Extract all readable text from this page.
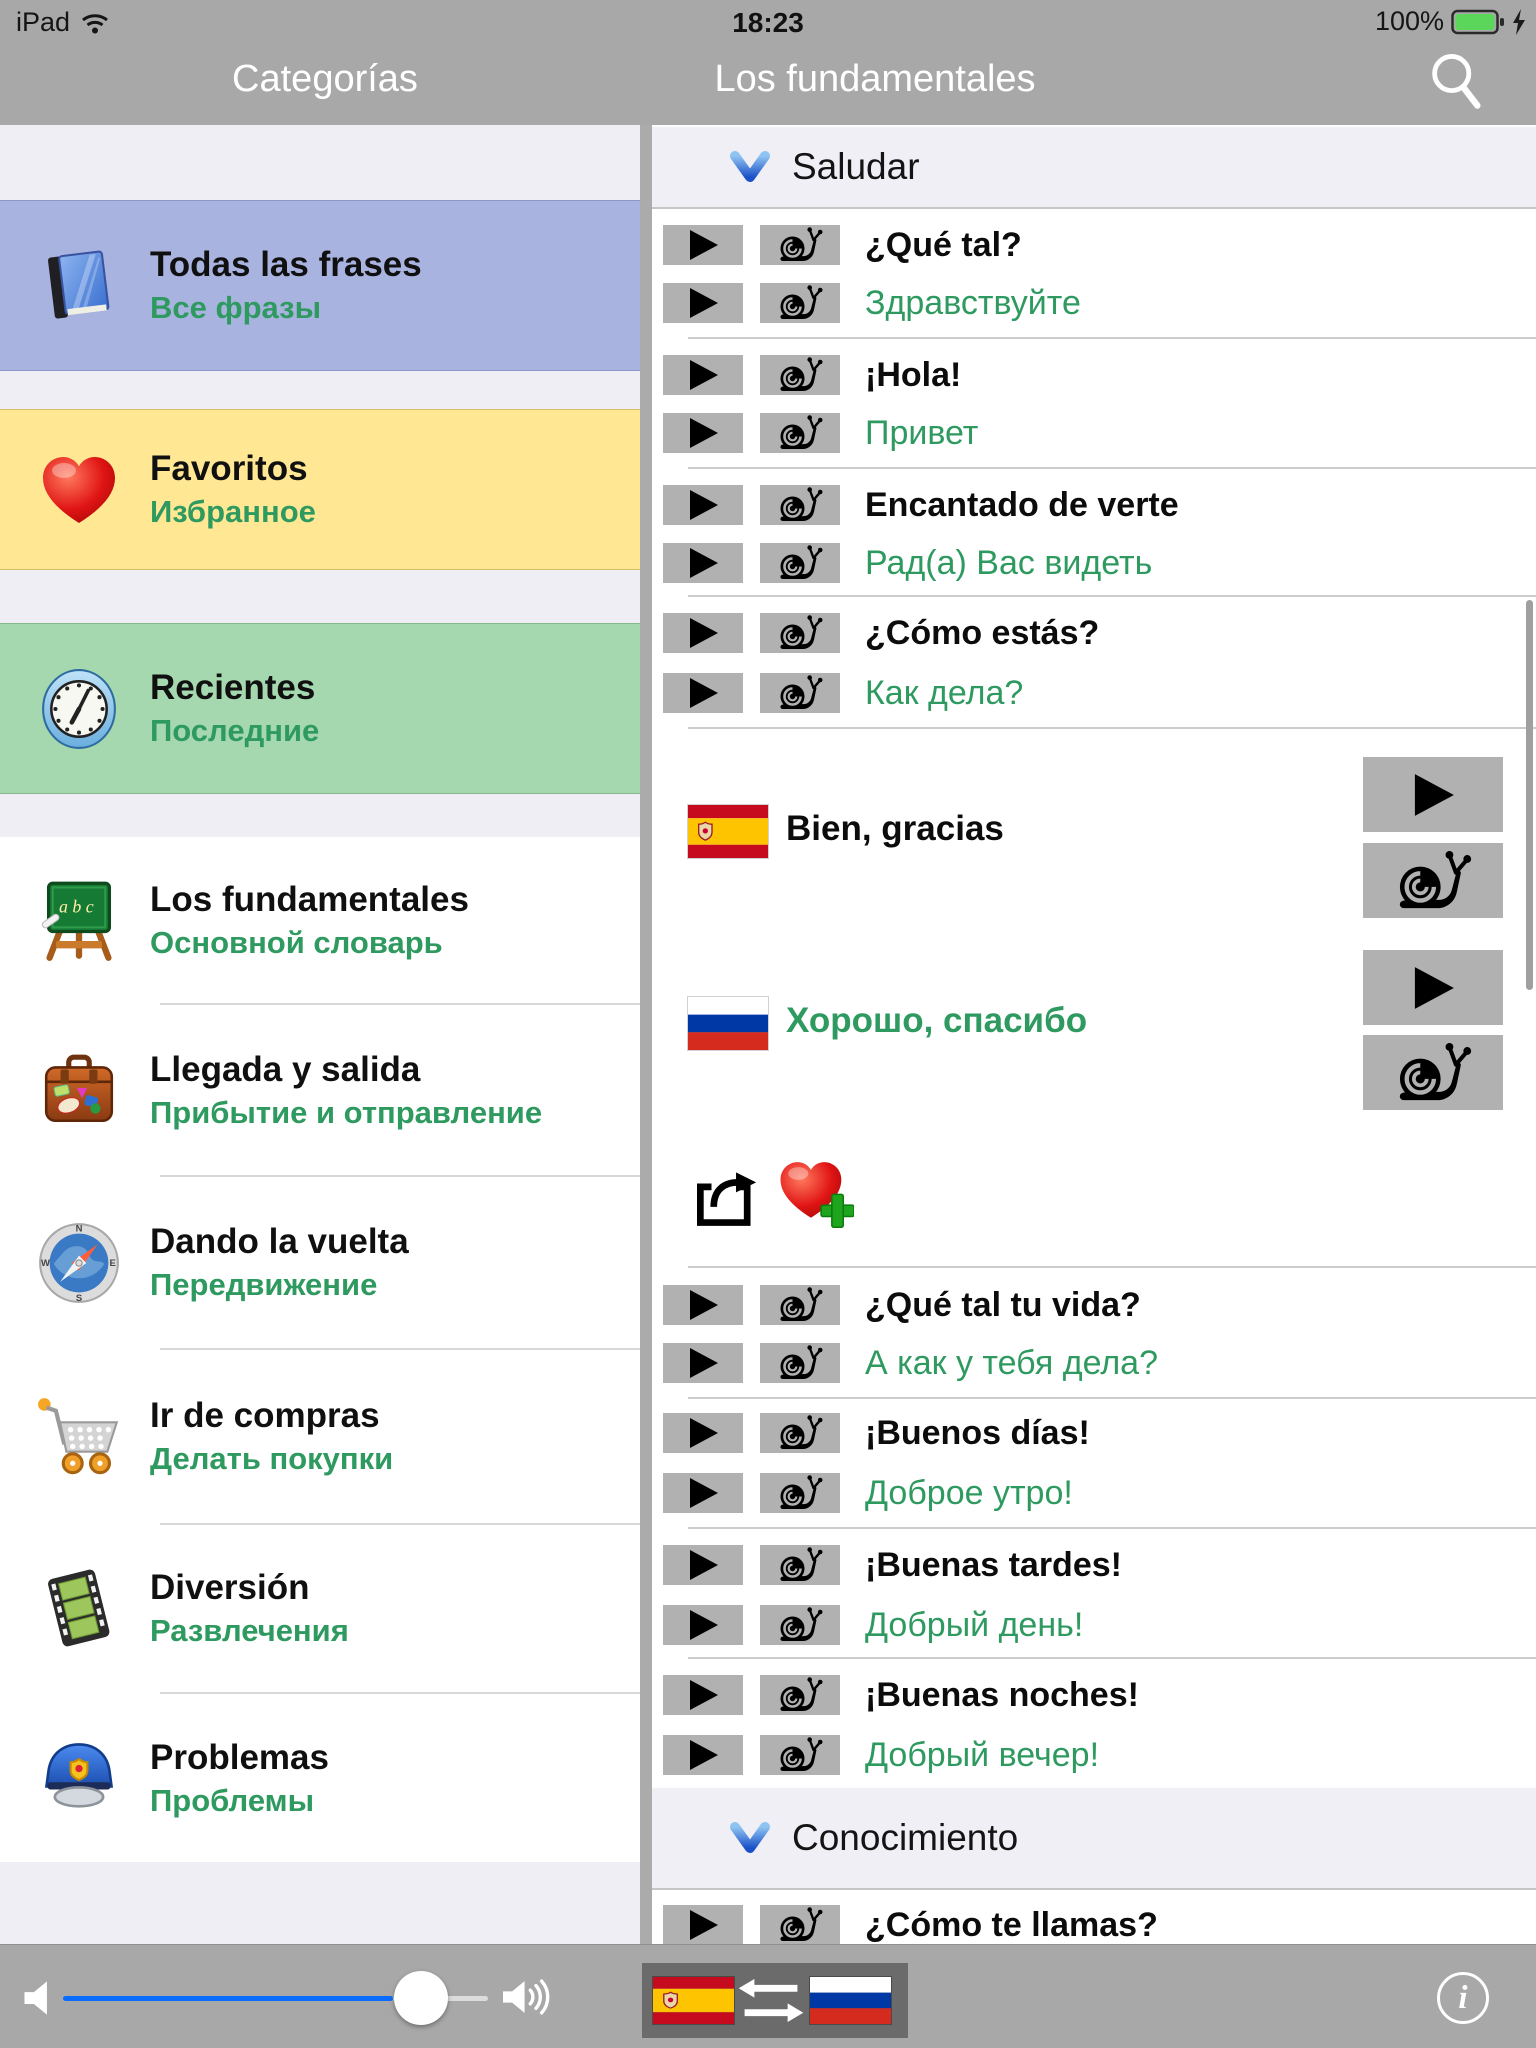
iPad	18:23	100%
Categorías	Los fundamentales
Todas las frases
Все фразы
Favoritos
Избранное
Recientes
Последние
Los fundamentales
Основной словарь
Llegada y salida
Прибытие и отправление
Dando la vuelta
Передвижение
Ir de compras
Делать покупки
Diversión
Развлечения
Problemas
Проблемы
Saludar
¿Qué tal?
Здравствуйте
¡Hola!
Привет
Encantado de verte
Рад(а) Вас видеть
¿Cómo estás?
Как дела?
Bien, gracias
Хорошо, спасибо
¿Qué tal tu vida?
А как у тебя дела?
¡Buenos días!
Доброе утро!
¡Buenas tardes!
Добрый день!
¡Buenas noches!
Добрый вечер!
Conocimiento
¿Cómo te llamas?
i
